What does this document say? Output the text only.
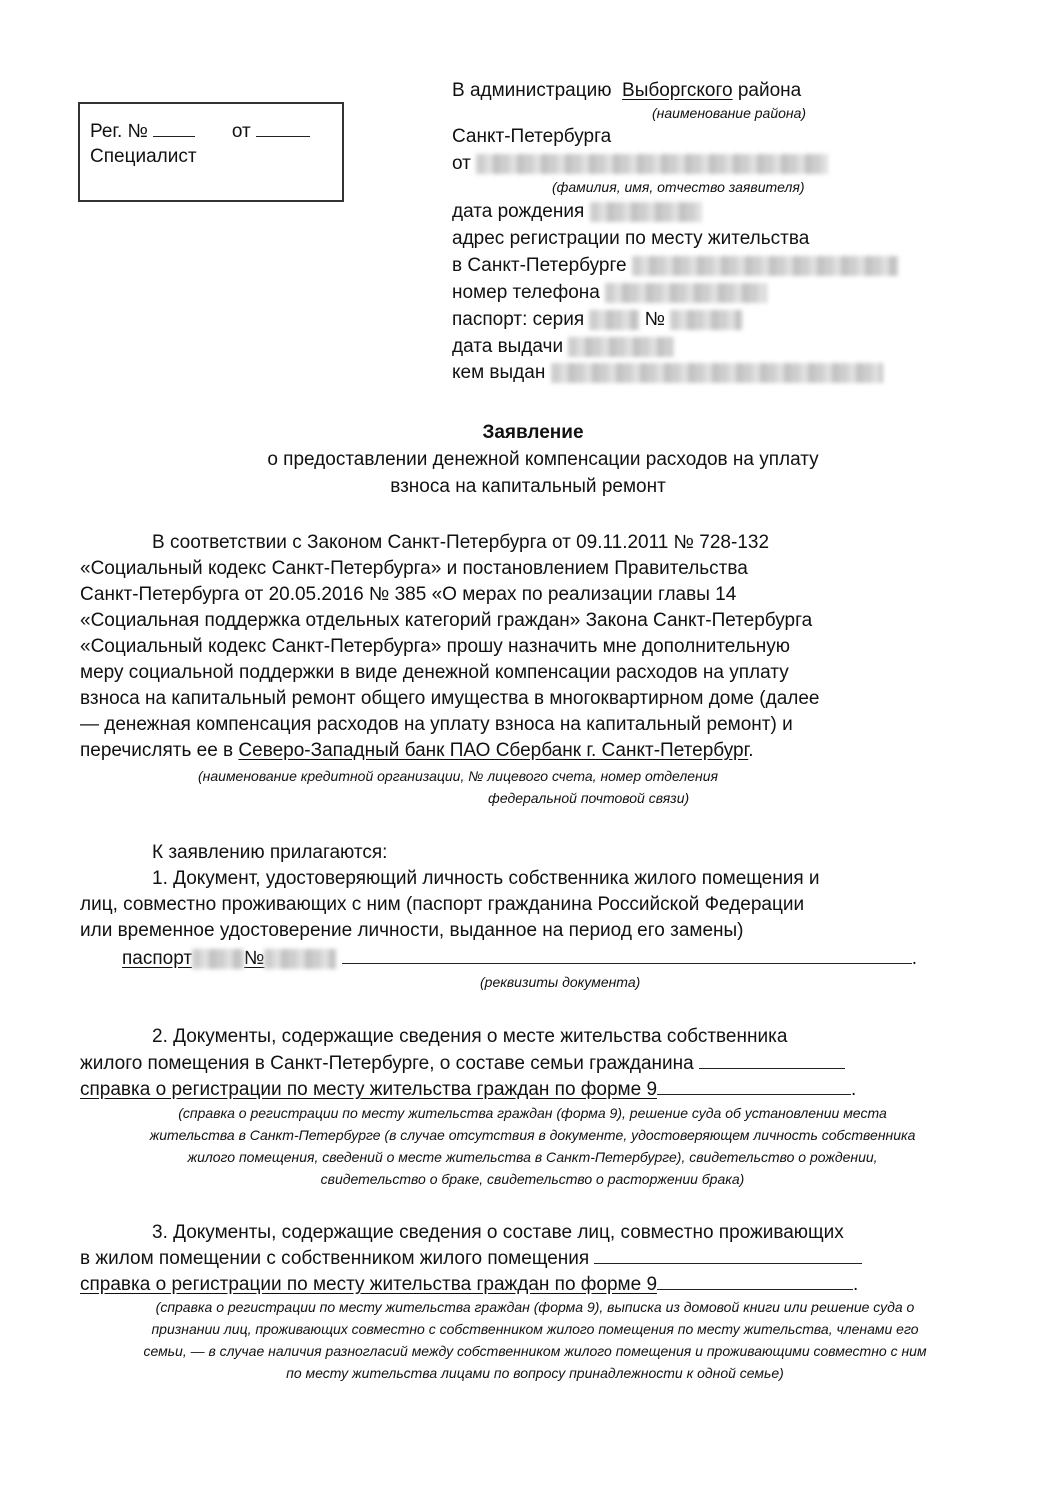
Рег. №	от
Специалист
В администрацию Выборгского района
(наименование района)
Санкт-Петербурга
от
(фамилия, имя, отчество заявителя)
дата рождения
адрес регистрации по месту жительства
в Санкт-Петербурге
номер телефона
паспорт: серия	№
дата выдачи
кем выдан
Заявление
о предоставлении денежной компенсации расходов на уплату
взноса на капитальный ремонт
В соответствии с Законом Санкт-Петербурга от 09.11.2011 № 728-132
«Социальный кодекс Санкт-Петербурга» и постановлением Правительства
Санкт-Петербурга от 20.05.2016 № 385 «О мерах по реализации главы 14
«Социальная поддержка отдельных категорий граждан» Закона Санкт-Петербурга
«Социальный кодекс Санкт-Петербурга» прошу назначить мне дополнительную
меру социальной поддержки в виде денежной компенсации расходов на уплату
взноса на капитальный ремонт общего имущества в многоквартирном доме (далее
— денежная компенсация расходов на уплату взноса на капитальный ремонт) и
перечислять ее в Северо-Западный банк ПАО Сбербанк г. Санкт-Петербург.
(наименование кредитной организации, № лицевого счета, номер отделения
федеральной почтовой связи)
К заявлению прилагаются:
1. Документ, удостоверяющий личность собственника жилого помещения и
лиц, совместно проживающих с ним (паспорт гражданина Российской Федерации
или временное удостоверение личности, выданное на период его замены)
паспорт	№	.
(реквизиты документа)
2. Документы, содержащие сведения о месте жительства собственника
жилого помещения в Санкт-Петербурге, о составе семьи гражданина
справка о регистрации по месту жительства граждан по форме 9	.
(справка о регистрации по месту жительства граждан (форма 9), решение суда об установлении места
жительства в Санкт-Петербурге (в случае отсутствия в документе, удостоверяющем личность собственника
жилого помещения, сведений о месте жительства в Санкт-Петербурге), свидетельство о рождении,
свидетельство о браке, свидетельство о расторжении брака)
3. Документы, содержащие сведения о составе лиц, совместно проживающих
в жилом помещении с собственником жилого помещения
справка о регистрации по месту жительства граждан по форме 9	.
(справка о регистрации по месту жительства граждан (форма 9), выписка из домовой книги или решение суда о
признании лиц, проживающих совместно с собственником жилого помещения по месту жительства, членами его
семьи, — в случае наличия разногласий между собственником жилого помещения и проживающими совместно с ним
по месту жительства лицами по вопросу принадлежности к одной семье)
